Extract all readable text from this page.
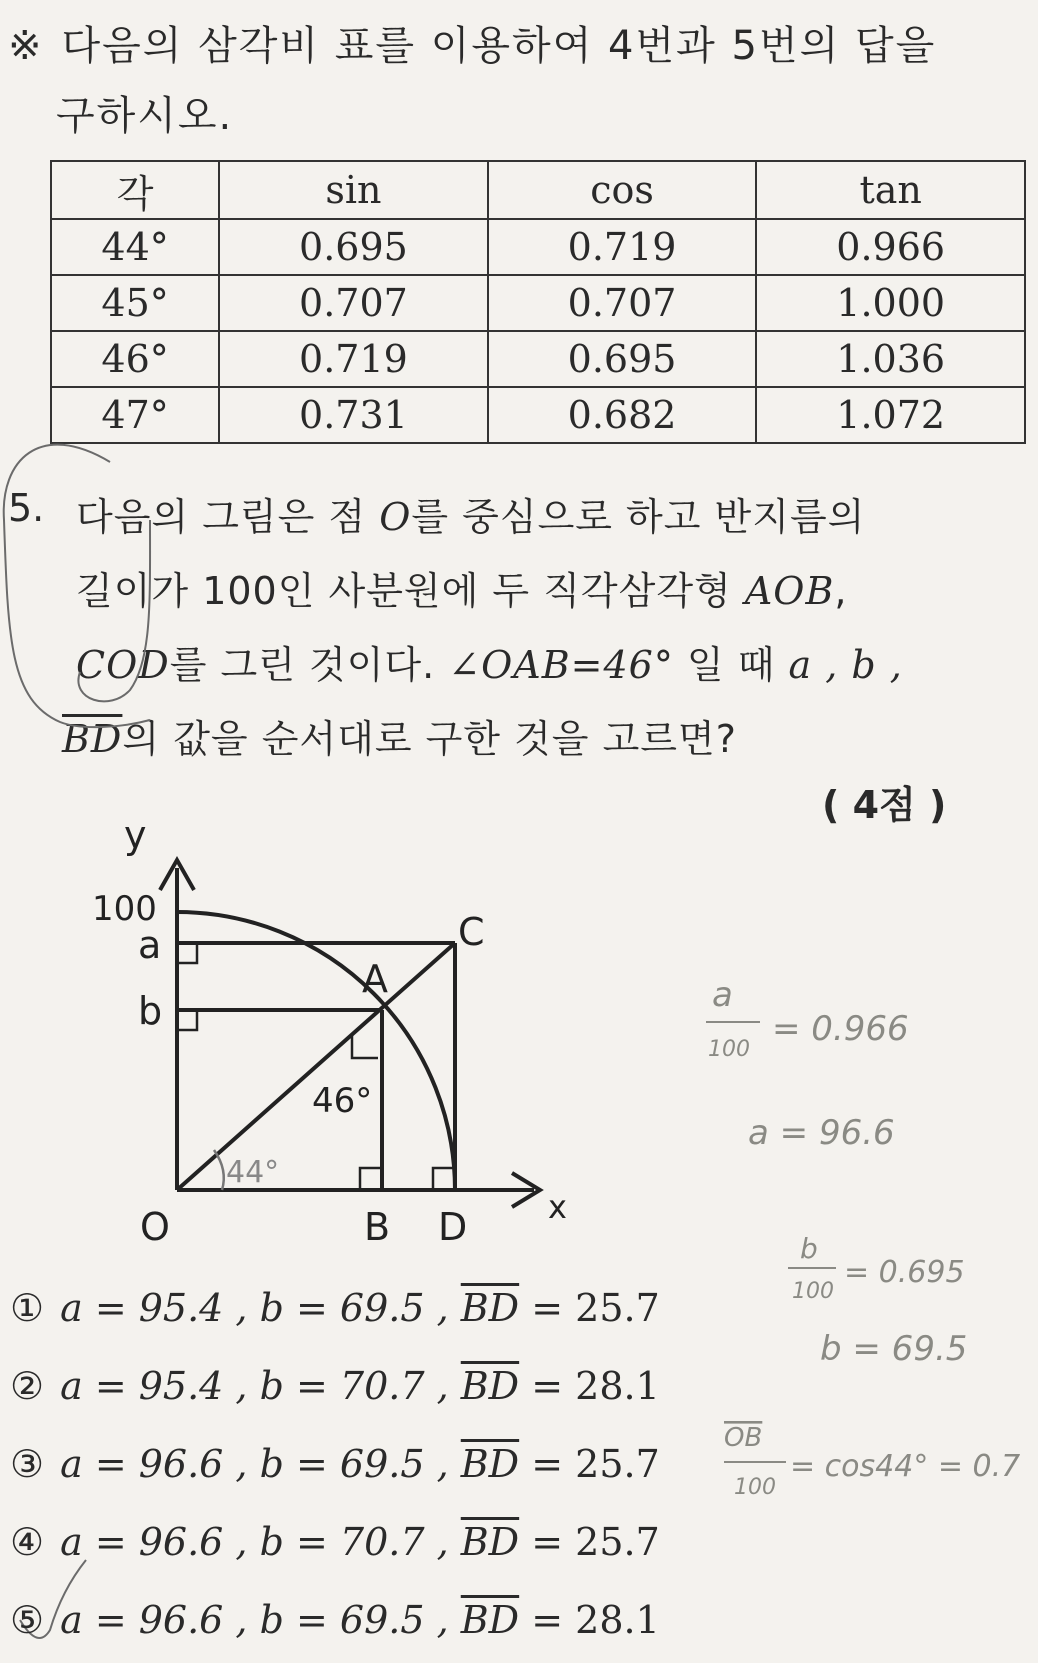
※ 다음의 삼각비 표를 이용하여 4번과 5번의 답을
구하시오.
각	sin	cos	tan
44°	0.695	0.719	0.966
45°	0.707	0.707	1.000
46°	0.719	0.695	1.036
47°	0.731	0.682	1.072
5. 다음의 그림은 점 O를 중심으로 하고 반지름의
길이가 100인 사분원에 두 직각삼각형 AOB,
COD를 그린 것이다. ∠OAB=46° 일 때 a , b ,
$\overline{BD}$의 값을 순서대로 구한 것을 고르면?
( 4점 )
y
x
100
a
b
O
A
B
C
D
46°
44°
a
100
= 0.966
a = 96.6
b
100
= 0.695
b = 69.5
OB
100
= cos44° = 0.7
① a = 95.4 , b = 69.5 , $\overline{BD} = 25.7$
② a = 95.4 , b = 70.7 , $\overline{BD} = 28.1$
③ a = 96.6 , b = 69.5 , $\overline{BD} = 25.7$
④ a = 96.6 , b = 70.7 , $\overline{BD} = 25.7$
⑤ a = 96.6 , b = 69.5 , $\overline{BD} = 28.1$
